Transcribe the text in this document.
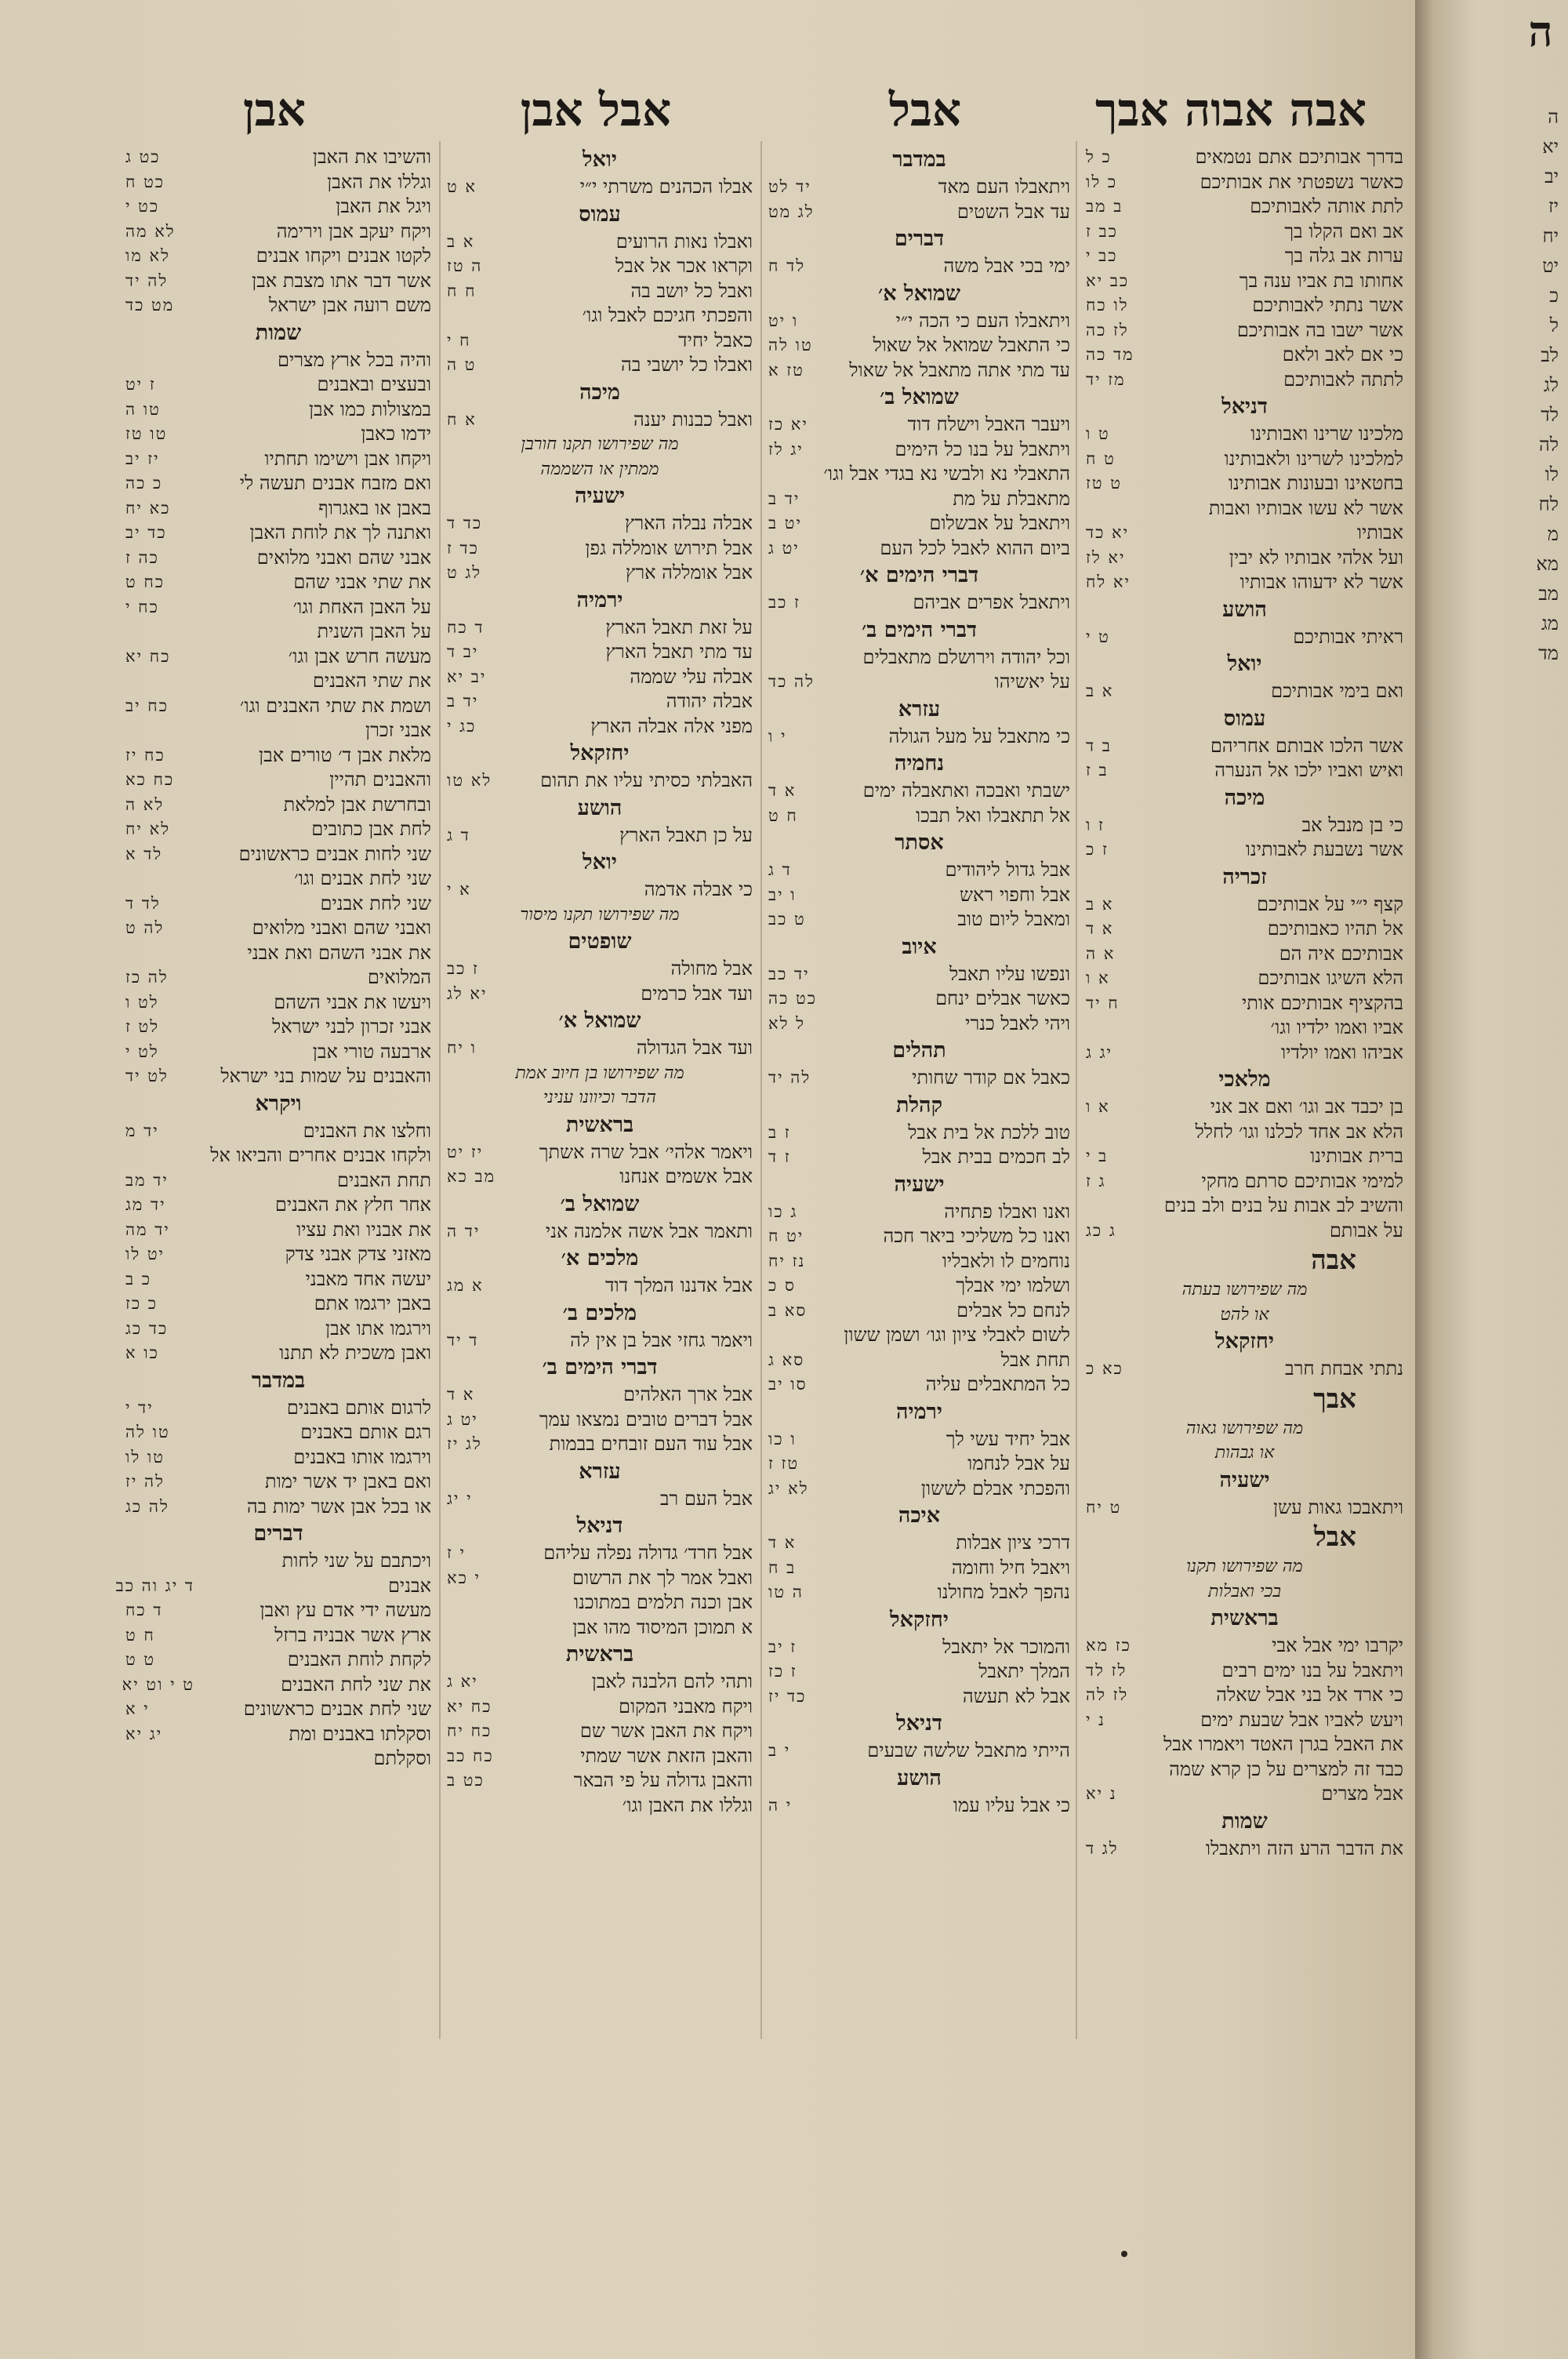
אבה אבוה אבך
אבל
אבל אבן
אבן
בדרך אבותיכם אתם נטמאים
כ ל
כאשר נשפטתי את אבותיכם
כ לו
לתת אותה לאבותיכם
ב מב
אב ואם הקלו בך
כב ז
ערות אב גלה בך
כב י
אחותו בת אביו ענה בך
כב יא
אשר נתתי לאבותיכם
לו כח
אשר ישבו בה אבותיכם
לז כה
כי אם לאב ולאם
מד כה
לתתה לאבותיכם
מז יד
דניאל
מלכינו שרינו ואבותינו
ט ו
למלכינו לשרינו ולאבותינו
ט ח
בחטאינו ובעונות אבותינו
ט טז
אשר לא עשו אבותיו ואבות
אבותיו
יא כד
ועל אלהי אבותיו לא יבין
יא לז
אשר לא ידעוהו אבותיו
יא לח
הושע
ראיתי אבותיכם
ט י
יואל
ואם בימי אבותיכם
א ב
עמוס
אשר הלכו אבותם אחריהם
ב ד
ואיש ואביו ילכו אל הנערה
ב ז
מיכה
כי בן מנבל אב
ז ו
אשר נשבעת לאבותינו
ז כ
זכריה
קצף י״י על אבותיכם
א ב
אל תהיו כאבותיכם
א ד
אבותיכם איה הם
א ה
הלא השיגו אבותיכם
א ו
בהקציף אבותיכם אותי
ח יד
אביו ואמו ילדיו וגו׳
אביהו ואמו יולדיו
יג ג
מלאכי
בן יכבד אב וגו׳ ואם אב אני
א ו
הלא אב אחד לכלנו וגו׳ לחלל
ברית אבותינו
ב י
למימי אבותיכם סרתם מחקי
ג ז
והשיב לב אבות על בנים ולב בנים
על אבותם
ג כג
אבה
מה שפירושו בעתה
או להט
יחזקאל
נתתי אבחת חרב
כא כ
אבך
מה שפירושו גאוה
או גבהות
ישעיה
ויתאבכו גאות עשן
ט יח
אבל
מה שפירושו תקנו
בכי ואבלות
בראשית
יקרבו ימי אבל אבי
כז מא
ויתאבל על בנו ימים רבים
לז לד
כי ארד אל בני אבל שאלה
לז לה
ויעש לאביו אבל שבעת ימים
נ י
את האבל בגרן האטד ויאמרו אבל
כבד זה למצרים על כן קרא שמה
אבל מצרים
נ יא
שמות
את הדבר הרע הזה ויתאבלו
לג ד
במדבר
ויתאבלו העם מאד
יד לט
עד אבל השטים
לג מט
דברים
ימי בכי אבל משה
לד ח
שמואל א׳
ויתאבלו העם כי הכה י״י
ו יט
כי התאבל שמואל אל שאול
טו לה
עד מתי אתה מתאבל אל שאול
טז א
שמואל ב׳
ויעבר האבל וישלח דוד
יא כז
ויתאבל על בנו כל הימים
יג לז
התאבלי נא ולבשי נא בגדי אבל וגו׳
מתאבלת על מת
יד ב
ויתאבל על אבשלום
יט ב
ביום ההוא לאבל לכל העם
יט ג
דברי הימים א׳
ויתאבל אפרים אביהם
ז כב
דברי הימים ב׳
וכל יהודה וירושלם מתאבלים
על יאשיהו
לה כד
עזרא
כי מתאבל על מעל הגולה
י ו
נחמיה
ישבתי ואבכה ואתאבלה ימים
א ד
אל תתאבלו ואל תבכו
ח ט
אסתר
אבל גדול ליהודים
ד ג
אבל וחפוי ראש
ו יב
ומאבל ליום טוב
ט כב
איוב
ונפשו עליו תאבל
יד כב
כאשר אבלים ינחם
כט כה
ויהי לאבל כנרי
ל לא
תהלים
כאבל אם קודר שחותי
לה יד
קהלת
טוב ללכת אל בית אבל
ז ב
לב חכמים בבית אבל
ז ד
ישעיה
ואנו ואבלו פתחיה
ג כו
ואנו כל משליכי ביאר חכה
יט ח
נוחמים לו ולאבליו
נז יח
ושלמו ימי אבלך
ס כ
לנחם כל אבלים
סא ב
לשום לאבלי ציון וגו׳ ושמן ששון
תחת אבל
סא ג
כל המתאבלים עליה
סו יב
ירמיה
אבל יחיד עשי לך
ו כו
על אבל לנחמו
טז ז
והפכתי אבלם לששון
לא יג
איכה
דרכי ציון אבלות
א ד
ויאבל חיל וחומה
ב ח
נהפך לאבל מחולנו
ה טו
יחזקאל
והמוכר אל יתאבל
ז יב
המלך יתאבל
ז כז
אבל לא תעשה
כד יז
דניאל
הייתי מתאבל שלשה שבעים
י ב
הושע
כי אבל עליו עמו
י ה
יואל
אבלו הכהנים משרתי י״י
א ט
עמוס
ואבלו נאות הרועים
א ב
וקראו אכר אל אבל
ה טז
ואבל כל יושב בה
ח ח
והפכתי חגיכם לאבל וגו׳
כאבל יחיד
ח י
ואבלו כל יושבי בה
ט ה
מיכה
ואבל כבנות יענה
א ח
מה שפירושו תקנו חורבן
ממתין או השממה
ישעיה
אבלה נבלה הארץ
כד ד
אבל תירוש אומללה גפן
כד ז
אבל אומללה ארץ
לג ט
ירמיה
על זאת תאבל הארץ
ד כח
עד מתי תאבל הארץ
יב ד
אבלה עלי שממה
יב יא
אבלה יהודה
יד ב
מפני אלה אבלה הארץ
כג י
יחזקאל
האבלתי כסיתי עליו את תהום
לא טו
הושע
על כן תאבל הארץ
ד ג
יואל
כי אבלה אדמה
א י
מה שפירושו תקנו מיסור
שופטים
אבל מחולה
ז כב
ועד אבל כרמים
יא לג
שמואל א׳
ועד אבל הגדולה
ו יח
מה שפירושו בן חיוב אמת
הדבר וכיוונו עניני
בראשית
ויאמר אלהי׳ אבל שרה אשתך
יז יט
אבל אשמים אנחנו
מב כא
שמואל ב׳
ותאמר אבל אשה אלמנה אני
יד ה
מלכים א׳
אבל אדננו המלך דוד
א מג
מלכים ב׳
ויאמר גחזי אבל בן אין לה
ד יד
דברי הימים ב׳
אבל ארך האלהים
א ד
אבל דברים טובים נמצאו עמך
יט ג
אבל עוד העם זובחים בבמות
לג יז
עזרא
אבל העם רב
י יג
דניאל
אבל חרד׳ גדולה נפלה עליהם
י ז
ואבל אמר לך את הרשום
י כא
אבן וכנה תלמים במתוכנו
א תמוכן המיסוד מהו אבן
בראשית
ותהי להם הלבנה לאבן
יא ג
ויקח מאבני המקום
כח יא
ויקח את האבן אשר שם
כח יח
והאבן הזאת אשר שמתי
כח כב
והאבן גדולה על פי הבאר
כט ב
וגללו את האבן וגו׳
והשיבו את האבן
כט ג
וגללו את האבן
כט ח
ויגל את האבן
כט י
ויקח יעקב אבן וירימה
לא מה
לקטו אבנים ויקחו אבנים
לא מו
אשר דבר אתו מצבת אבן
לה יד
משם רועה אבן ישראל
מט כד
שמות
והיה בכל ארץ מצרים
ובעצים ובאבנים
ז יט
במצולות כמו אבן
טו ה
ידמו כאבן
טו טז
ויקחו אבן וישימו תחתיו
יז יב
ואם מזבח אבנים תעשה לי
כ כה
באבן או באגרוף
כא יח
ואתנה לך את לוחת האבן
כד יב
אבני שהם ואבני מלואים
כה ז
את שתי אבני שהם
כח ט
על האבן האחת וגו׳
כח י
על האבן השנית
מעשה חרש אבן וגו׳
כח יא
את שתי האבנים
ושמת את שתי האבנים וגו׳
כח יב
אבני זכרן
מלאת אבן ד׳ טורים אבן
כח יז
והאבנים תהיין
כח כא
ובחרשת אבן למלאת
לא ה
לחת אבן כתובים
לא יח
שני לחות אבנים כראשונים
לד א
שני לחת אבנים וגו׳
שני לחת אבנים
לד ד
ואבני שהם ואבני מלואים
לה ט
את אבני השהם ואת אבני
המלואים
לה כז
ויעשו את אבני השהם
לט ו
אבני זכרון לבני ישראל
לט ז
ארבעה טורי אבן
לט י
והאבנים על שמות בני ישראל
לט יד
ויקרא
וחלצו את האבנים
יד מ
ולקחו אבנים אחרים והביאו אל
תחת האבנים
יד מב
אחר חלץ את האבנים
יד מג
את אבניו ואת עציו
יד מה
מאזני צדק אבני צדק
יט לו
יעשה אחד מאבני
כ ב
באבן ירגמו אתם
כ כז
וירגמו אתו אבן
כד כג
ואבן משכית לא תתנו
כו א
במדבר
לרגום אותם באבנים
יד י
רגם אותם באבנים
טו לה
וירגמו אותו באבנים
טו לו
ואם באבן יד אשר ימות
לה יז
או בכל אבן אשר ימות בה
לה כג
דברים
ויכתבם על שני לחות
אבנים
ד יג וה כב
מעשה ידי אדם עץ ואבן
ד כח
ארץ אשר אבניה ברזל
ח ט
לקחת לוחת האבנים
ט ט
את שני לחת האבנים
ט י וט יא
שני לחת אבנים כראשונים
י א
וסקלתו באבנים ומת
יג יא
וסקלתם
ה
ה
יא
יב
יז
יח
יט
כ
ל
לב
לג
לד
לה
לו
לח
מ
מא
מב
מג
מד
